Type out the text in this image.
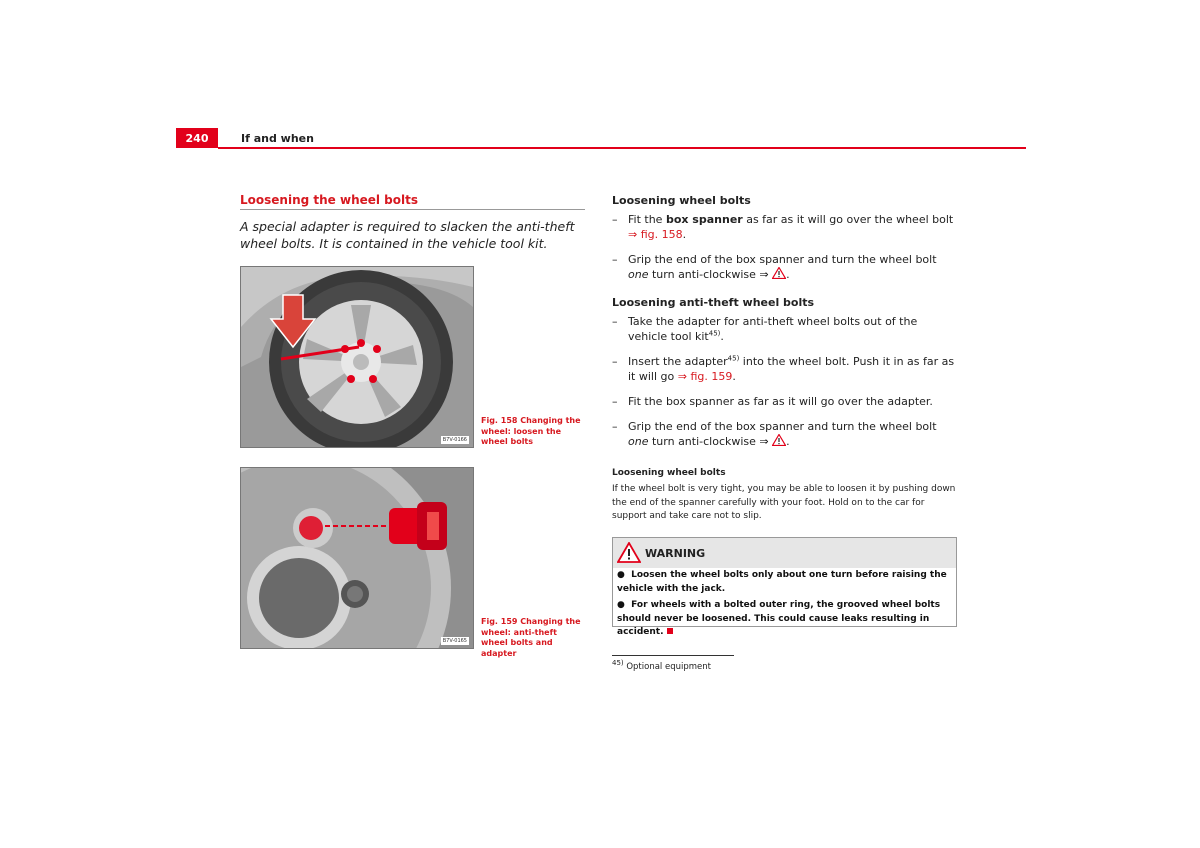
240	If and when
Loosening the wheel bolts
A special adapter is required to slacken the anti-theft wheel bolts. It is contained in the vehicle tool kit.
B7V-0166
Fig. 158 Changing the wheel: loosen the wheel bolts
B7V-0165
Fig. 159 Changing the wheel: anti-theft wheel bolts and adapter
Loosening wheel bolts
– Fit the box spanner as far as it will go over the wheel bolt
⇒ fig. 158.
– Grip the end of the box spanner and turn the wheel bolt one turn anti-clockwise ⇒ .
Loosening anti-theft wheel bolts
– Take the adapter for anti-theft wheel bolts out of the vehicle tool kit$^{45)}$.
– Insert the adapter$^{45)}$ into the wheel bolt. Push it in as far as it will go ⇒ fig. 159.
– Fit the box spanner as far as it will go over the adapter.
– Grip the end of the box spanner and turn the wheel bolt one turn anti-clockwise ⇒ .
Loosening wheel bolts
If the wheel bolt is very tight, you may be able to loosen it by pushing down the end of the spanner carefully with your foot. Hold on to the car for support and take care not to slip.
WARNING
●  Loosen the wheel bolts only about one turn before raising the vehicle with the jack.
●  For wheels with a bolted outer ring, the grooved wheel bolts should never be loosened. This could cause leaks resulting in accident.
$^{45)}$ Optional equipment
